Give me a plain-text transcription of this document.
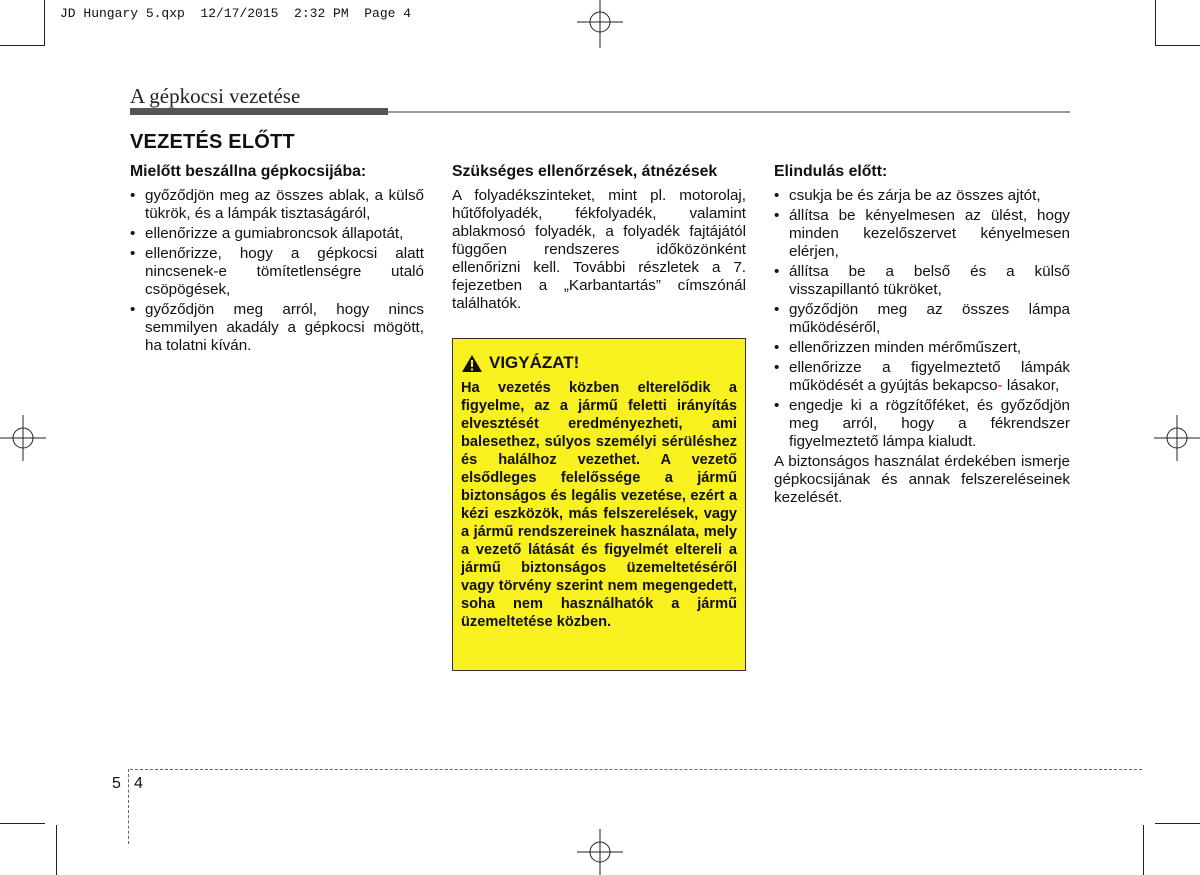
JD Hungary 5.qxp  12/17/2015  2:32 PM  Page 4
A gépkocsi vezetése
VEZETÉS ELŐTT
Mielőtt beszállna gépkocsijába:
• győződjön meg az összes ablak, a külső tükrök, és a lámpák tisztaságáról,
• ellenőrizze a gumiabroncsok állapotát,
• ellenőrizze, hogy a gépkocsi alatt nincsenek-e tömítetlenségre utaló csöpögések,
• győződjön meg arról, hogy nincs semmilyen akadály a gépkocsi mögött, ha tolatni kíván.
Szükséges ellenőrzések, átnézések

A folyadékszinteket, mint pl. motorolaj, hűtőfolyadék, fékfolyadék, valamint ablakmosó folyadék, a folyadék fajtájától függően rendszeres időközönként ellenőrizni kell. További részletek a 7. fejezetben a „Karbantartás” címszónál találhatók.

VIGYÁZAT!
Ha vezetés közben elterelődik a figyelme, az a jármű feletti irányítás elvesztését eredményezheti, ami balesethez, súlyos személyi sérüléshez és halálhoz vezethet. A vezető elsődleges felelőssége a jármű biztonságos és legális vezetése, ezért a kézi eszközök, más felszerelések, vagy a jármű rendszereinek használata, mely a vezető látását és figyelmét eltereli a jármű biztonságos üzemeltetéséről vagy törvény szerint nem megengedett, soha nem használhatók a jármű üzemeltetése közben.
Elindulás előtt:
• csukja be és zárja be az összes ajtót,
• állítsa be kényelmesen az ülést, hogy minden kezelőszervet kényelmesen elérjen,
• állítsa be a belső és a külső visszapillantó tükröket,
• győződjön meg az összes lámpa működéséről,
• ellenőrizzen minden mérőműszert,
• ellenőrizze a figyelmeztető lámpák működését a gyújtás bekapcso- lásakor,
• engedje ki a rögzítőféket, és győződjön meg arról, hogy a fékrendszer figyelmeztető lámpa kialudt.

A biztonságos használat érdekében ismerje gépkocsijának és annak felszereléseinek kezelését.

5 4
